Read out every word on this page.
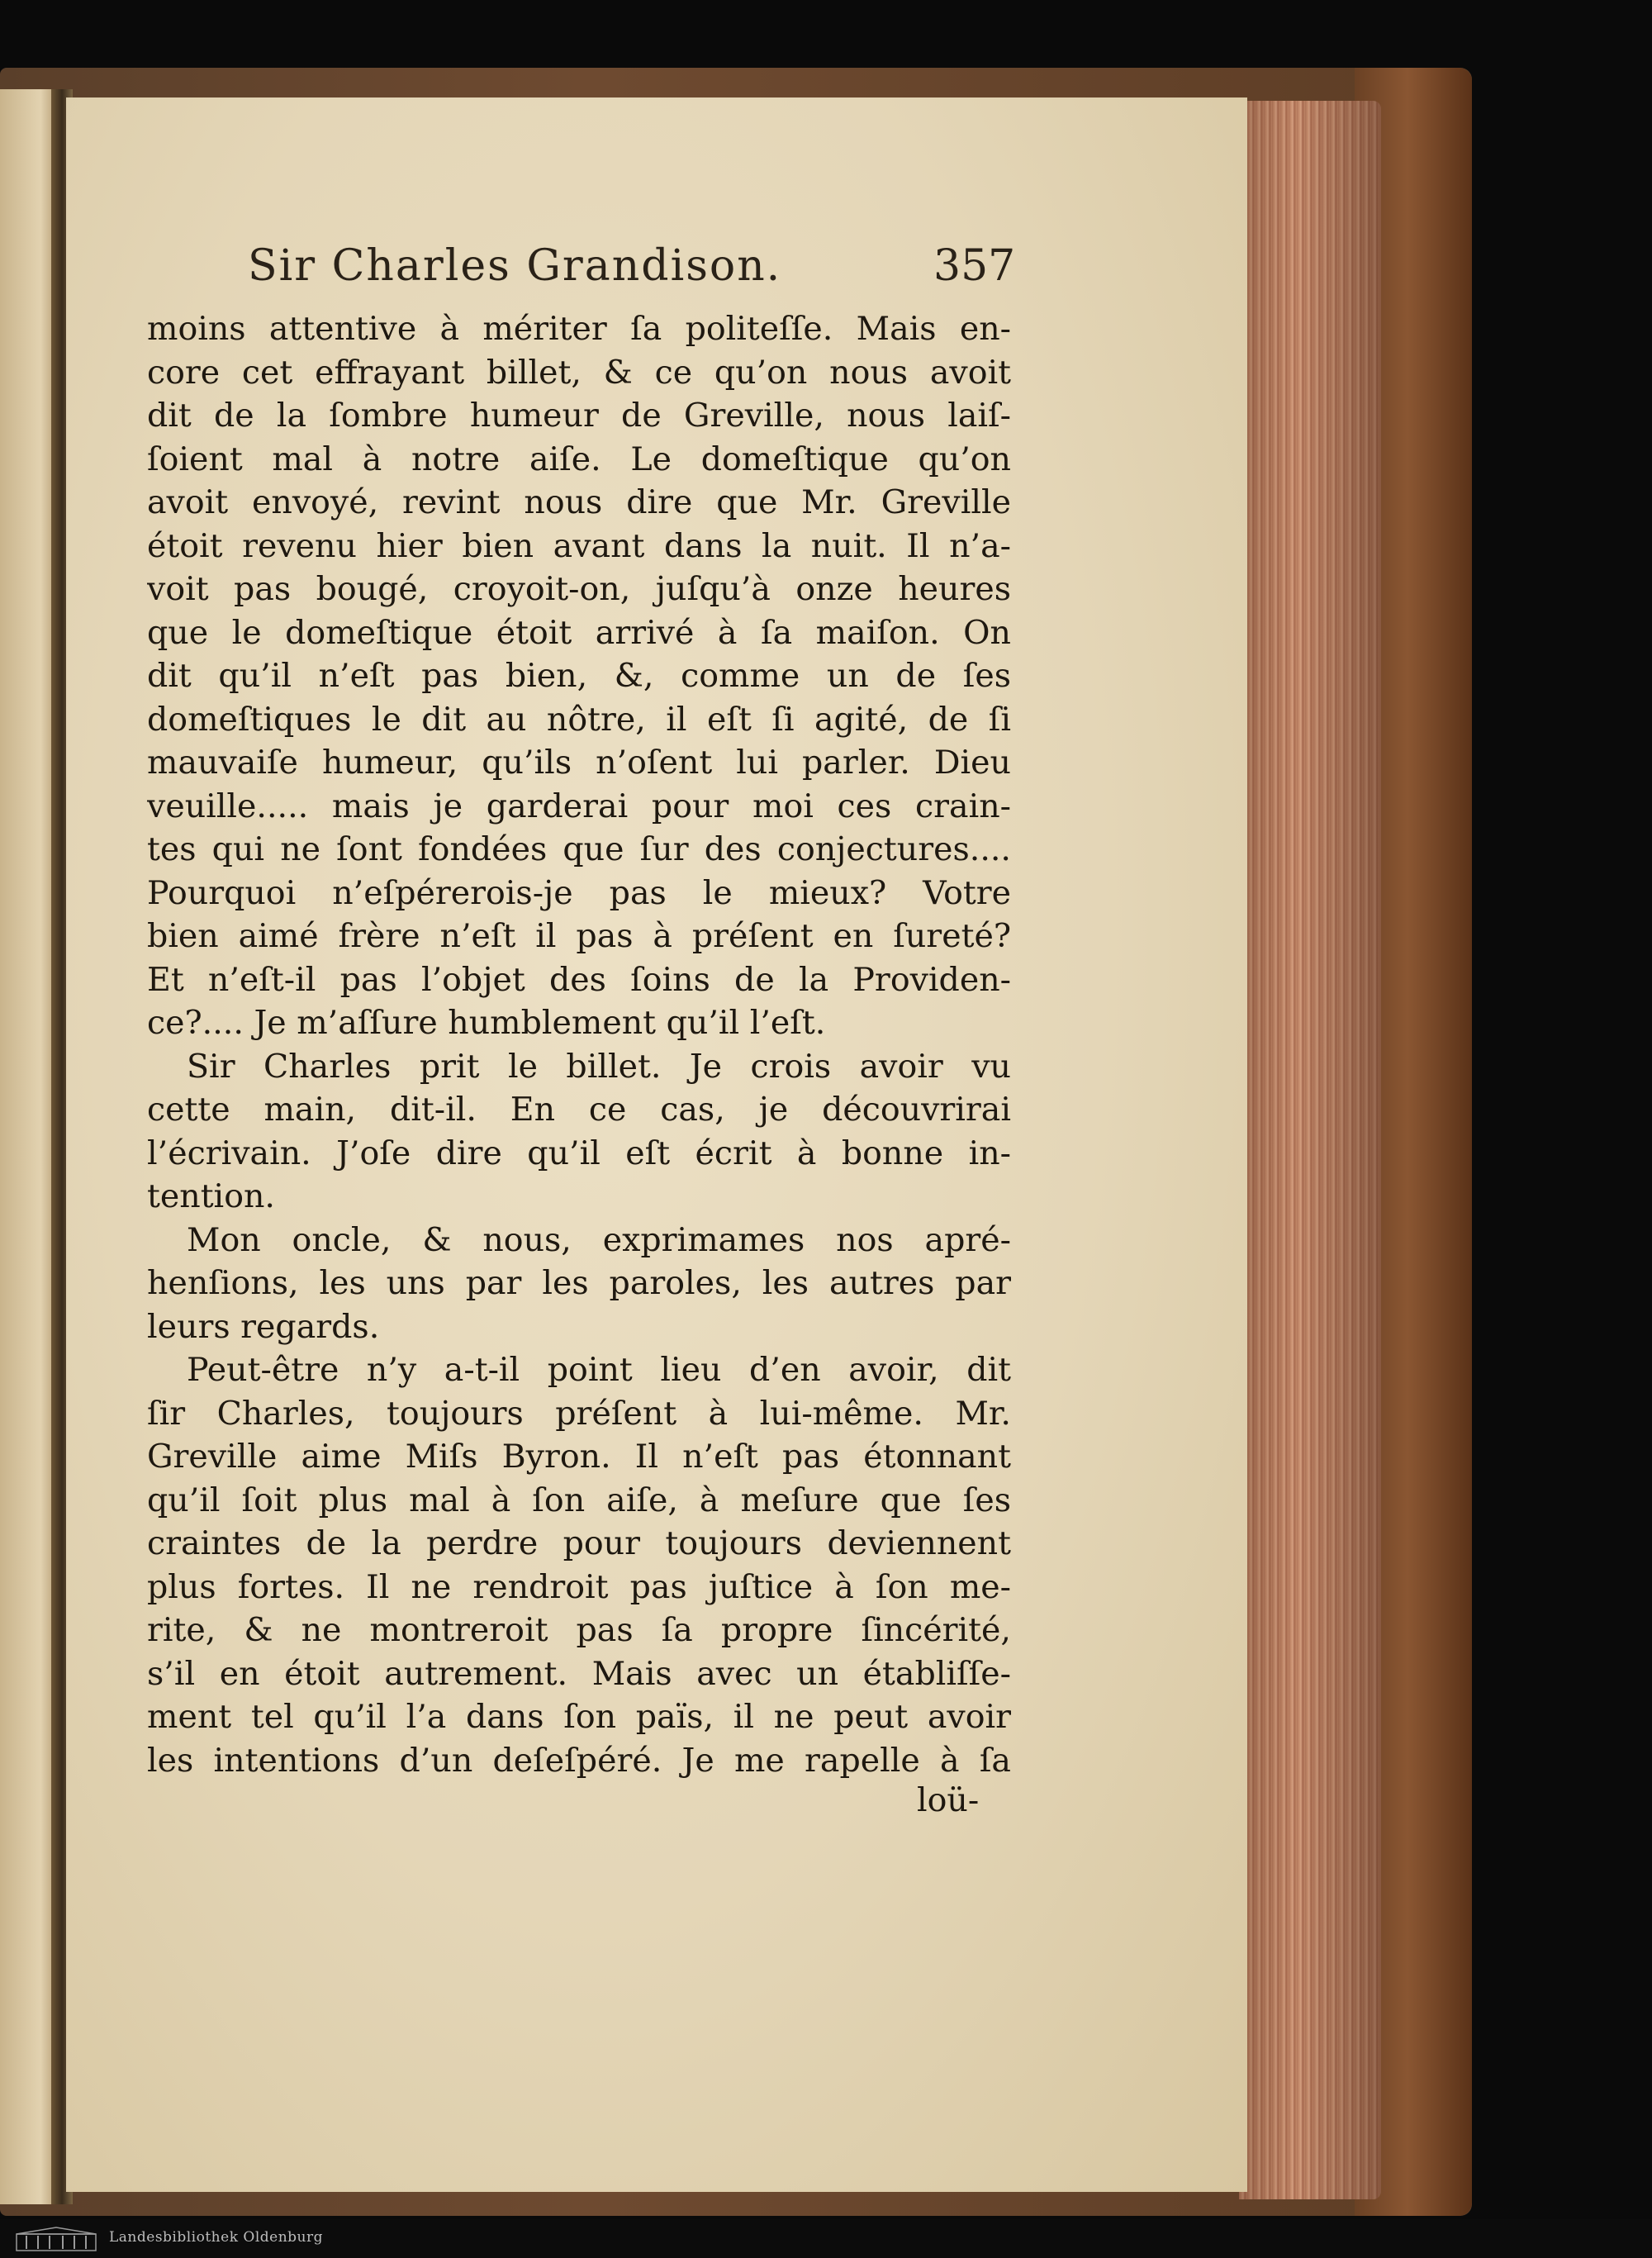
Sir Charles Grandison.	357
moins attentive à mériter ſa politeſſe. Mais en-
core cet effrayant billet, & ce qu’on nous avoit
dit de la ſombre humeur de Greville, nous laiſ-
ſoient mal à notre aiſe. Le domeſtique qu’on
avoit envoyé, revint nous dire que Mr. Greville
étoit revenu hier bien avant dans la nuit. Il n’a-
voit pas bougé, croyoit-on, juſqu’à onze heures
que le domeſtique étoit arrivé à ſa maiſon. On
dit qu’il n’eſt pas bien, &, comme un de ſes
domeſtiques le dit au nôtre, il eſt ſi agité, de ſi
mauvaiſe humeur, qu’ils n’oſent lui parler. Dieu
veuille..... mais je garderai pour moi ces crain-
tes qui ne ſont fondées que ſur des conjectures....
Pourquoi n’eſpérerois-je pas le mieux? Votre
bien aimé frère n’eſt il pas à préſent en ſureté?
Et n’eſt-il pas l’objet des ſoins de la Providen-
ce?.... Je m’aſſure humblement qu’il l’eſt.
Sir Charles prit le billet. Je crois avoir vu
cette main, dit-il. En ce cas, je découvrirai
l’écrivain. J’oſe dire qu’il eſt écrit à bonne in-
tention.
Mon oncle, & nous, exprimames nos apré-
henſions, les uns par les paroles, les autres par
leurs regards.
Peut-être n’y a-t-il point lieu d’en avoir, dit
ſir Charles, toujours préſent à lui-même. Mr.
Greville aime Miſs Byron. Il n’eſt pas étonnant
qu’il ſoit plus mal à ſon aiſe, à meſure que ſes
craintes de la perdre pour toujours deviennent
plus fortes. Il ne rendroit pas juſtice à ſon me-
rite, & ne montreroit pas ſa propre ſincérité,
s’il en étoit autrement. Mais avec un établiſſe-
ment tel qu’il l’a dans ſon païs, il ne peut avoir
les intentions d’un deſeſpéré. Je me rapelle à ſa
loü-
Landesbibliothek Oldenburg
